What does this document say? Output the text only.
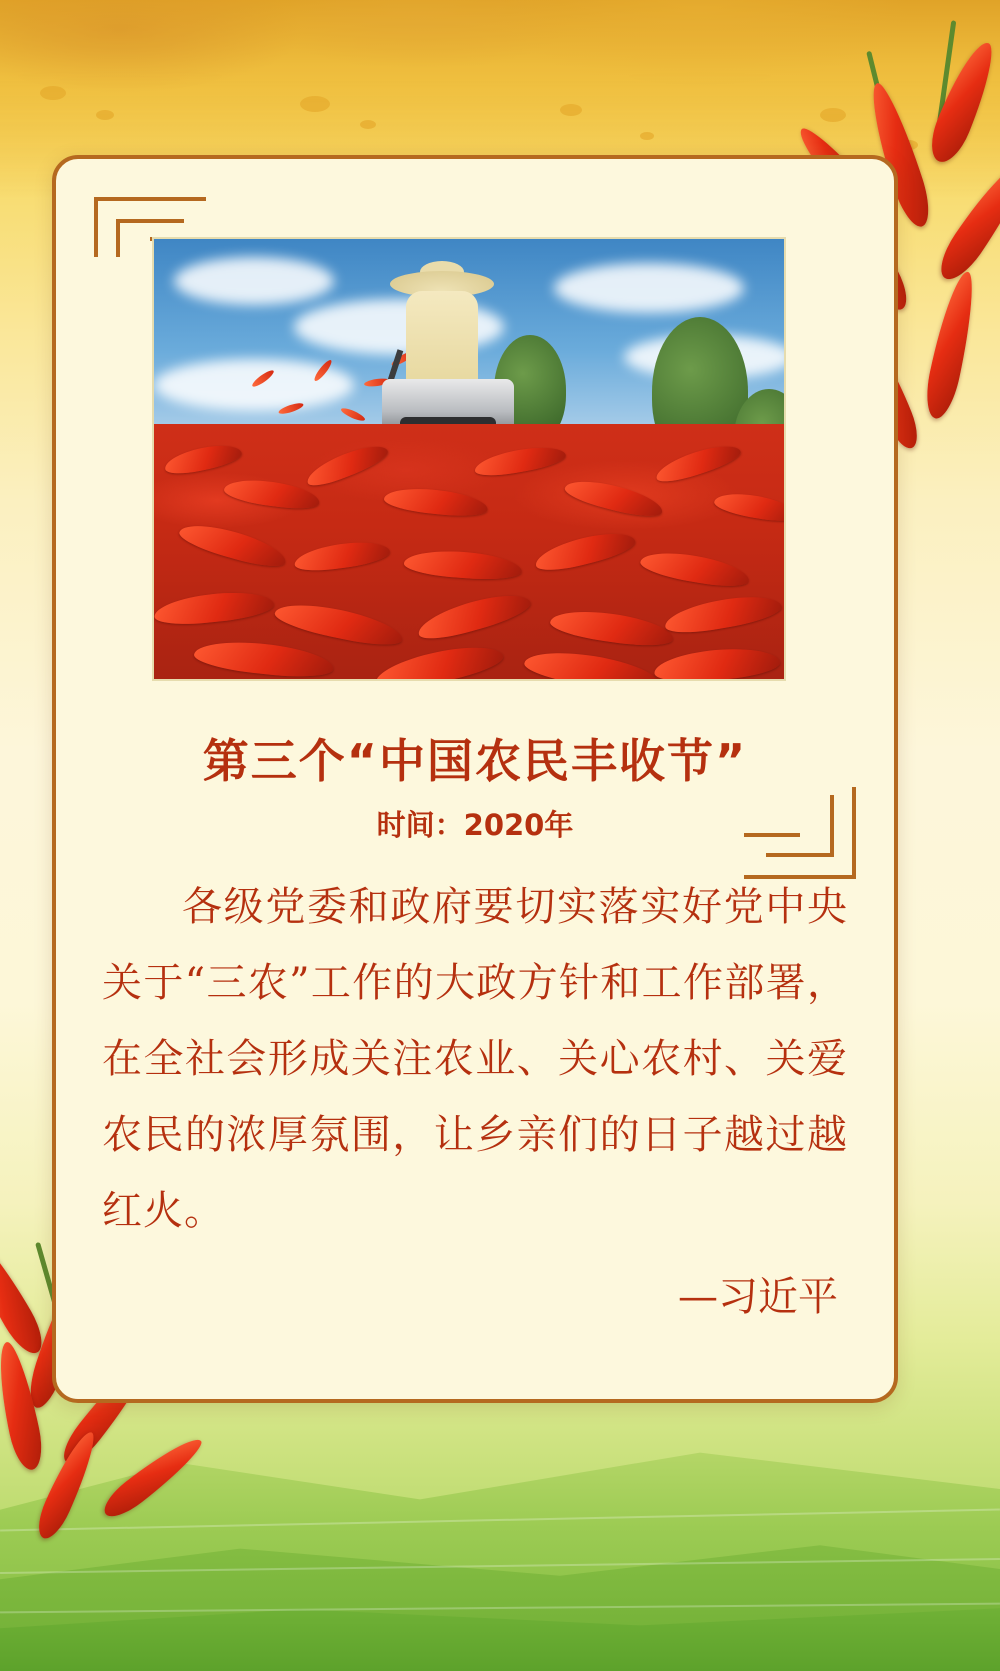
第三个“中国农民丰收节”
时间：2020年
各级党委和政府要切实落实好党中央关于“三农”工作的大政方针和工作部署，在全社会形成关注农业、关心农村、关爱农民的浓厚氛围，让乡亲们的日子越过越红火。
—习近平
